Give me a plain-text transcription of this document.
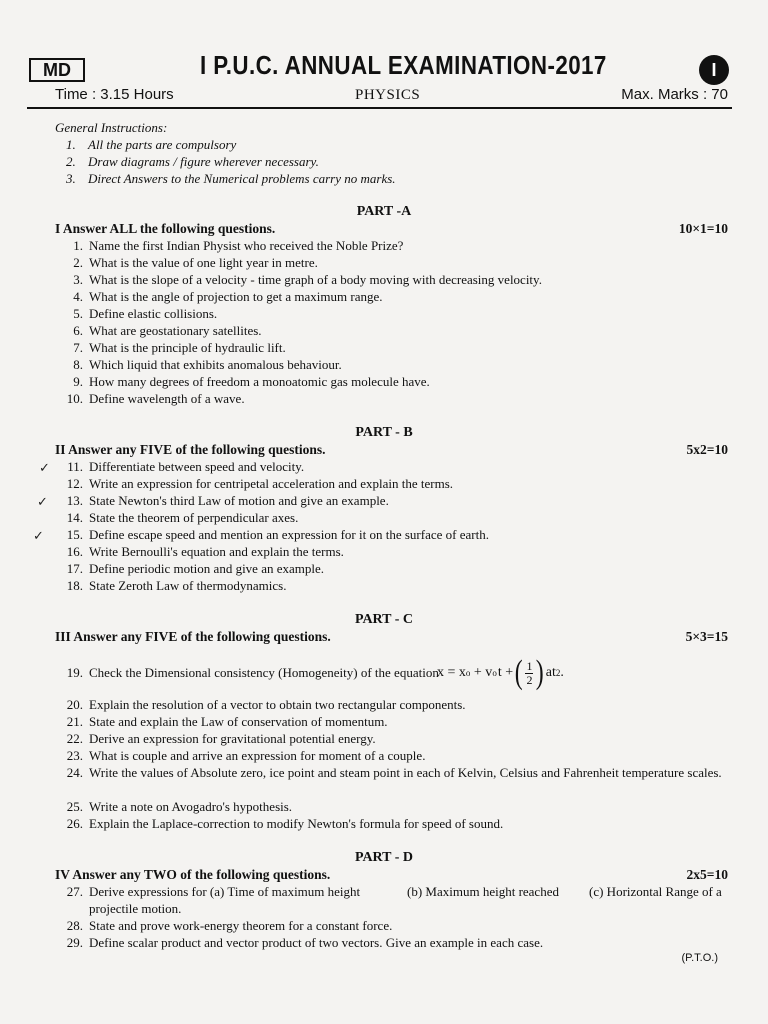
MD	I P.U.C. ANNUAL EXAMINATION-2017	I
Time : 3.15 Hours	PHYSICS	Max. Marks : 70
General Instructions:
1. All the parts are compulsory
2. Draw diagrams / figure wherever necessary.
3. Direct Answers to the Numerical problems carry no marks.
PART -A
I Answer ALL the following questions.	10×1=10
1. Name the first Indian Physist who received the Noble Prize?
2. What is the value of one light year in metre.
3. What is the slope of a velocity - time graph of a body moving with decreasing velocity.
4. What is the angle of projection to get a maximum range.
5. Define elastic collisions.
6. What are geostationary satellites.
7. What is the principle of hydraulic lift.
8. Which liquid that exhibits anomalous behaviour.
9. How many degrees of freedom a monoatomic gas molecule have.
10. Define wavelength of a wave.
PART - B
II Answer any FIVE of the following questions.	5x2=10
11. Differentiate between speed and velocity.
12. Write an expression for centripetal acceleration and explain the terms.
13. State Newton's third Law of motion and give an example.
14. State the theorem of perpendicular axes.
15. Define escape speed and mention an expression for it on the surface of earth.
16. Write Bernoulli's equation and explain the terms.
17. Define periodic motion and give an example.
18. State Zeroth Law of thermodynamics.
✓
✓
✓
PART - C
III Answer any FIVE of the following questions.	5×3=15
19. Check the Dimensional consistency (Homogeneity) of the equation
x = x o + v o t + ( $\frac{1}{2}$ ) at 2 .
20. Explain the resolution of a vector to obtain two rectangular components.
21. State and explain the Law of conservation of momentum.
22. Derive an expression for gravitational potential energy.
23. What is couple and arrive an expression for moment of a couple.
24. Write the values of Absolute zero, ice point and steam point in each of Kelvin, Celsius and Fahrenheit temperature scales.
25. Write a note on Avogadro's hypothesis.
26. Explain the Laplace-correction to modify Newton's formula for speed of sound.
PART - D
IV Answer any TWO of the following questions.	2x5=10
27. Derive expressions for (a) Time of maximum height	(b) Maximum height reached (c) Horizontal Range of a
projectile motion.
28. State and prove work-energy theorem for a constant force.
29. Define scalar product and vector product of two vectors. Give an example in each case.
(P.T.O.)
